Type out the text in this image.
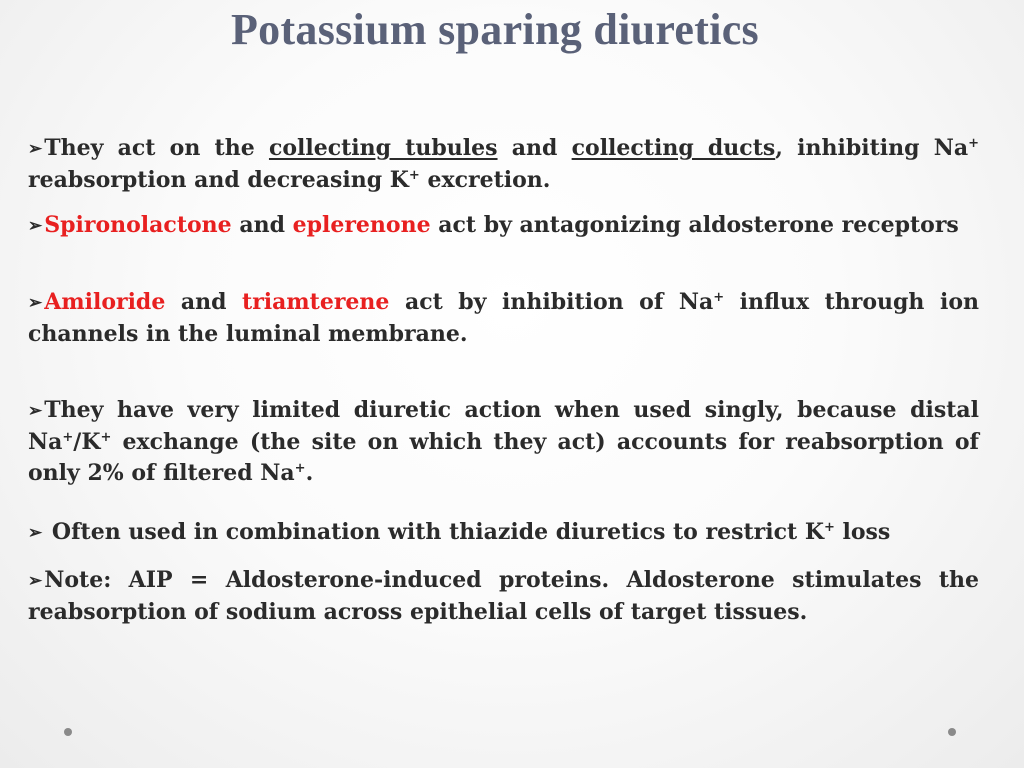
Potassium sparing diuretics
➢They act on the collecting tubules and collecting ducts, inhibiting Na+ reabsorption and decreasing K+ excretion.
➢Spironolactone and eplerenone act by antagonizing aldosterone receptors
➢Amiloride and triamterene act by inhibition of Na+ influx through ion channels in the luminal membrane.
➢They have very limited diuretic action when used singly, because distal Na+/K+ exchange (the site on which they act) accounts for reabsorption of only 2% of filtered Na+.
➢ Often used in combination with thiazide diuretics to restrict K+ loss
➢Note: AIP = Aldosterone-induced proteins. Aldosterone stimulates the reabsorption of sodium across epithelial cells of target tissues.
